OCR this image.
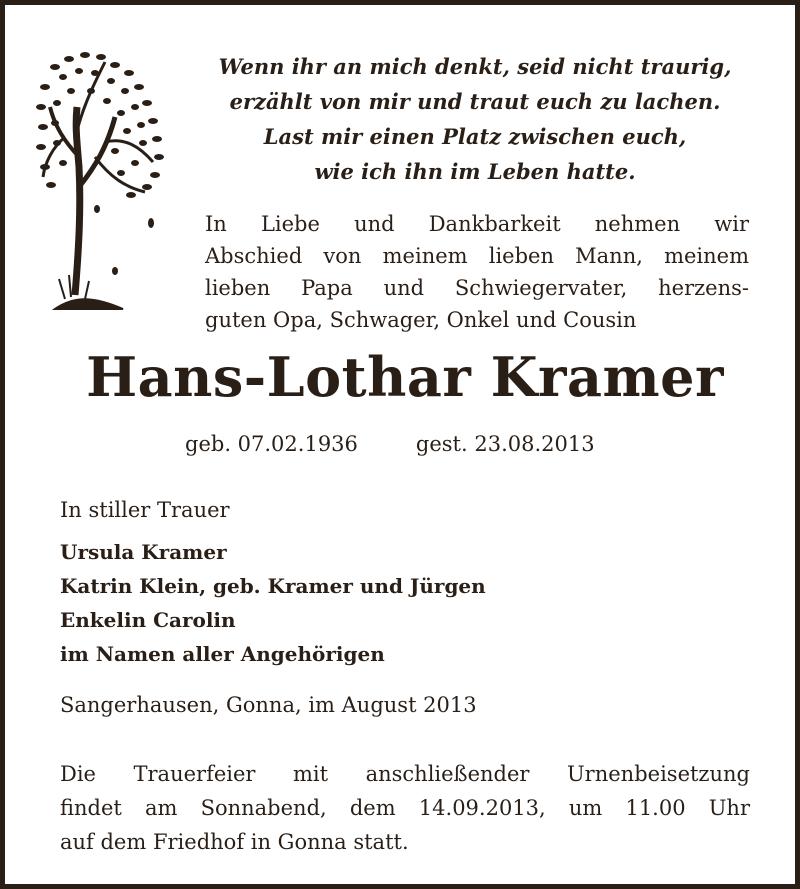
Wenn ihr an mich denkt, seid nicht traurig,
erzählt von mir und traut euch zu lachen.
Last mir einen Platz zwischen euch,
wie ich ihn im Leben hatte.
In Liebe und Dankbarkeit nehmen wir
Abschied von meinem lieben Mann, meinem
lieben Papa und Schwiegervater, herzens-
guten Opa, Schwager, Onkel und Cousin
Hans-Lothar Kramer
geb. 07.02.1936	gest. 23.08.2013
In stiller Trauer
Ursula Kramer
Katrin Klein, geb. Kramer und Jürgen
Enkelin Carolin
im Namen aller Angehörigen
Sangerhausen, Gonna, im August 2013
Die Trauerfeier mit anschließender Urnenbeisetzung
findet am Sonnabend, dem 14.09.2013, um 11.00 Uhr
auf dem Friedhof in Gonna statt.
